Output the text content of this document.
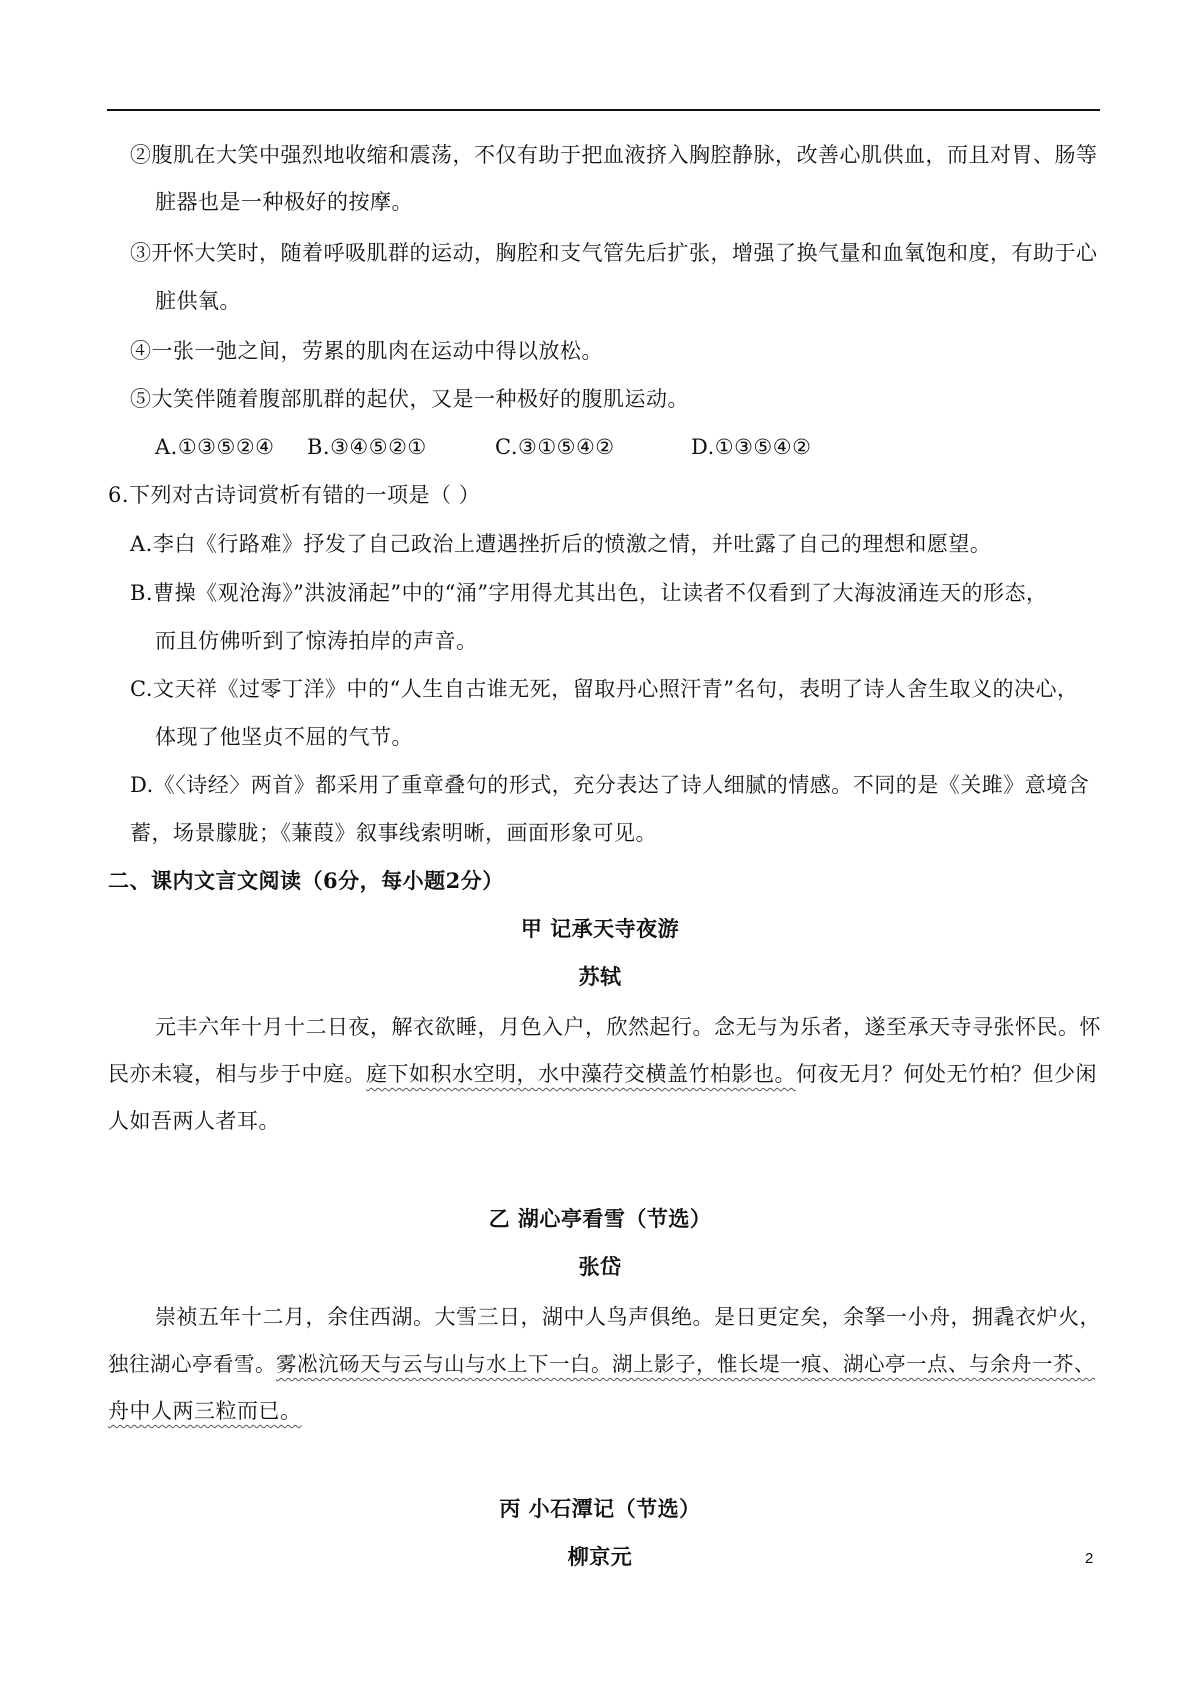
②腹肌在大笑中强烈地收缩和震荡，不仅有助于把血液挤入胸腔静脉，改善心肌供血，而且对胃、肠等
脏器也是一种极好的按摩。
③开怀大笑时，随着呼吸肌群的运动，胸腔和支气管先后扩张，增强了换气量和血氧饱和度，有助于心
脏供氧。
④一张一弛之间，劳累的肌肉在运动中得以放松。
⑤大笑伴随着腹部肌群的起伏，又是一种极好的腹肌运动。
A.①③⑤②④ B.③④⑤②①	C.③①⑤④②	D.①③⑤④②
6.下列对古诗词赏析有错的一项是（ ）
A.李白《行路难》抒发了自己政治上遭遇挫折后的愤激之情，并吐露了自己的理想和愿望。
B.曹操《观沧海》”洪波涌起”中的“涌”字用得尤其出色，让读者不仅看到了大海波涌连天的形态，
而且仿佛听到了惊涛拍岸的声音。
C.文天祥《过零丁洋》中的“人生自古谁无死，留取丹心照汗青”名句，表明了诗人舍生取义的决心，
体现了他坚贞不屈的气节。
D.《〈诗经〉两首》都采用了重章叠句的形式，充分表达了诗人细腻的情感。不同的是《关雎》意境含
蓄，场景朦胧；《蒹葭》叙事线索明晰，画面形象可见。
二、课内文言文阅读（6分，每小题2分）
甲 记承天寺夜游
苏轼
元丰六年十月十二日夜，解衣欲睡，月色入户，欣然起行。念无与为乐者，遂至承天寺寻张怀民。怀
民亦未寝，相与步于中庭。庭下如积水空明，水中藻荇交横盖竹柏影也。何夜无月？何处无竹柏？但少闲
人如吾两人者耳。
乙 湖心亭看雪（节选）
张岱
崇祯五年十二月，余住西湖。大雪三日，湖中人鸟声俱绝。是日更定矣，余拏一小舟，拥毳衣炉火，
独往湖心亭看雪。雾凇沆砀天与云与山与水上下一白。湖上影子，惟长堤一痕、湖心亭一点、与余舟一芥、
舟中人两三粒而已。
丙 小石潭记（节选）
柳京元	2
